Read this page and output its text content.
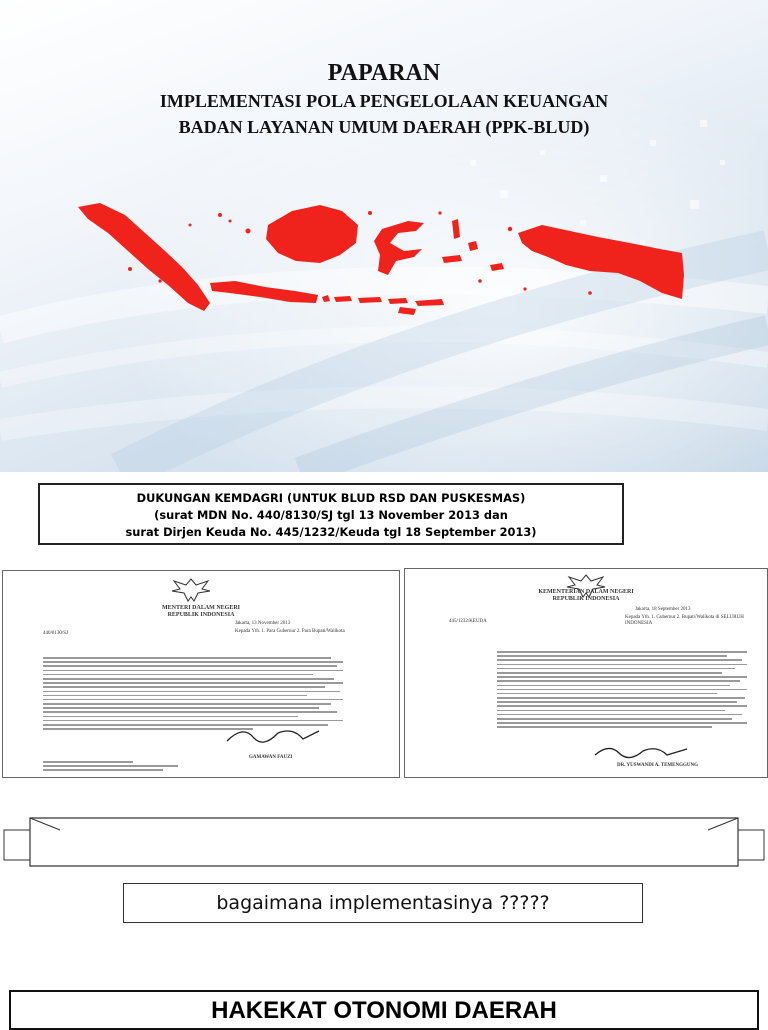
PAPARAN
IMPLEMENTASI POLA PENGELOLAAN KEUANGAN
BADAN LAYANAN UMUM DAERAH (PPK-BLUD)
DUKUNGAN KEMDAGRI (UNTUK BLUD RSD DAN PUSKESMAS)
(surat MDN No. 440/8130/SJ tgl 13 November 2013 dan
surat Dirjen Keuda No. 445/1232/Keuda tgl 18 September 2013)
MENTERI DALAM NEGERI
REPUBLIK INDONESIA
Jakarta, 13 November 2013
440/8130/SJ	Kepada Yth. 1. Para Gubernur 2. Para Bupati/Walikota
GAMAWAN FAUZI
KEMENTERIAN DALAM NEGERI
REPUBLIK INDONESIA
Jakarta, 18 September 2013
445/1232/KEUDA
Kepada Yth. 1. Gubernur 2. Bupati/Walikota di SELURUH INDONESIA
DR. YUSWANDI A. TEMENGGUNG
bagaimana implementasinya ?????
HAKEKAT OTONOMI DAERAH
